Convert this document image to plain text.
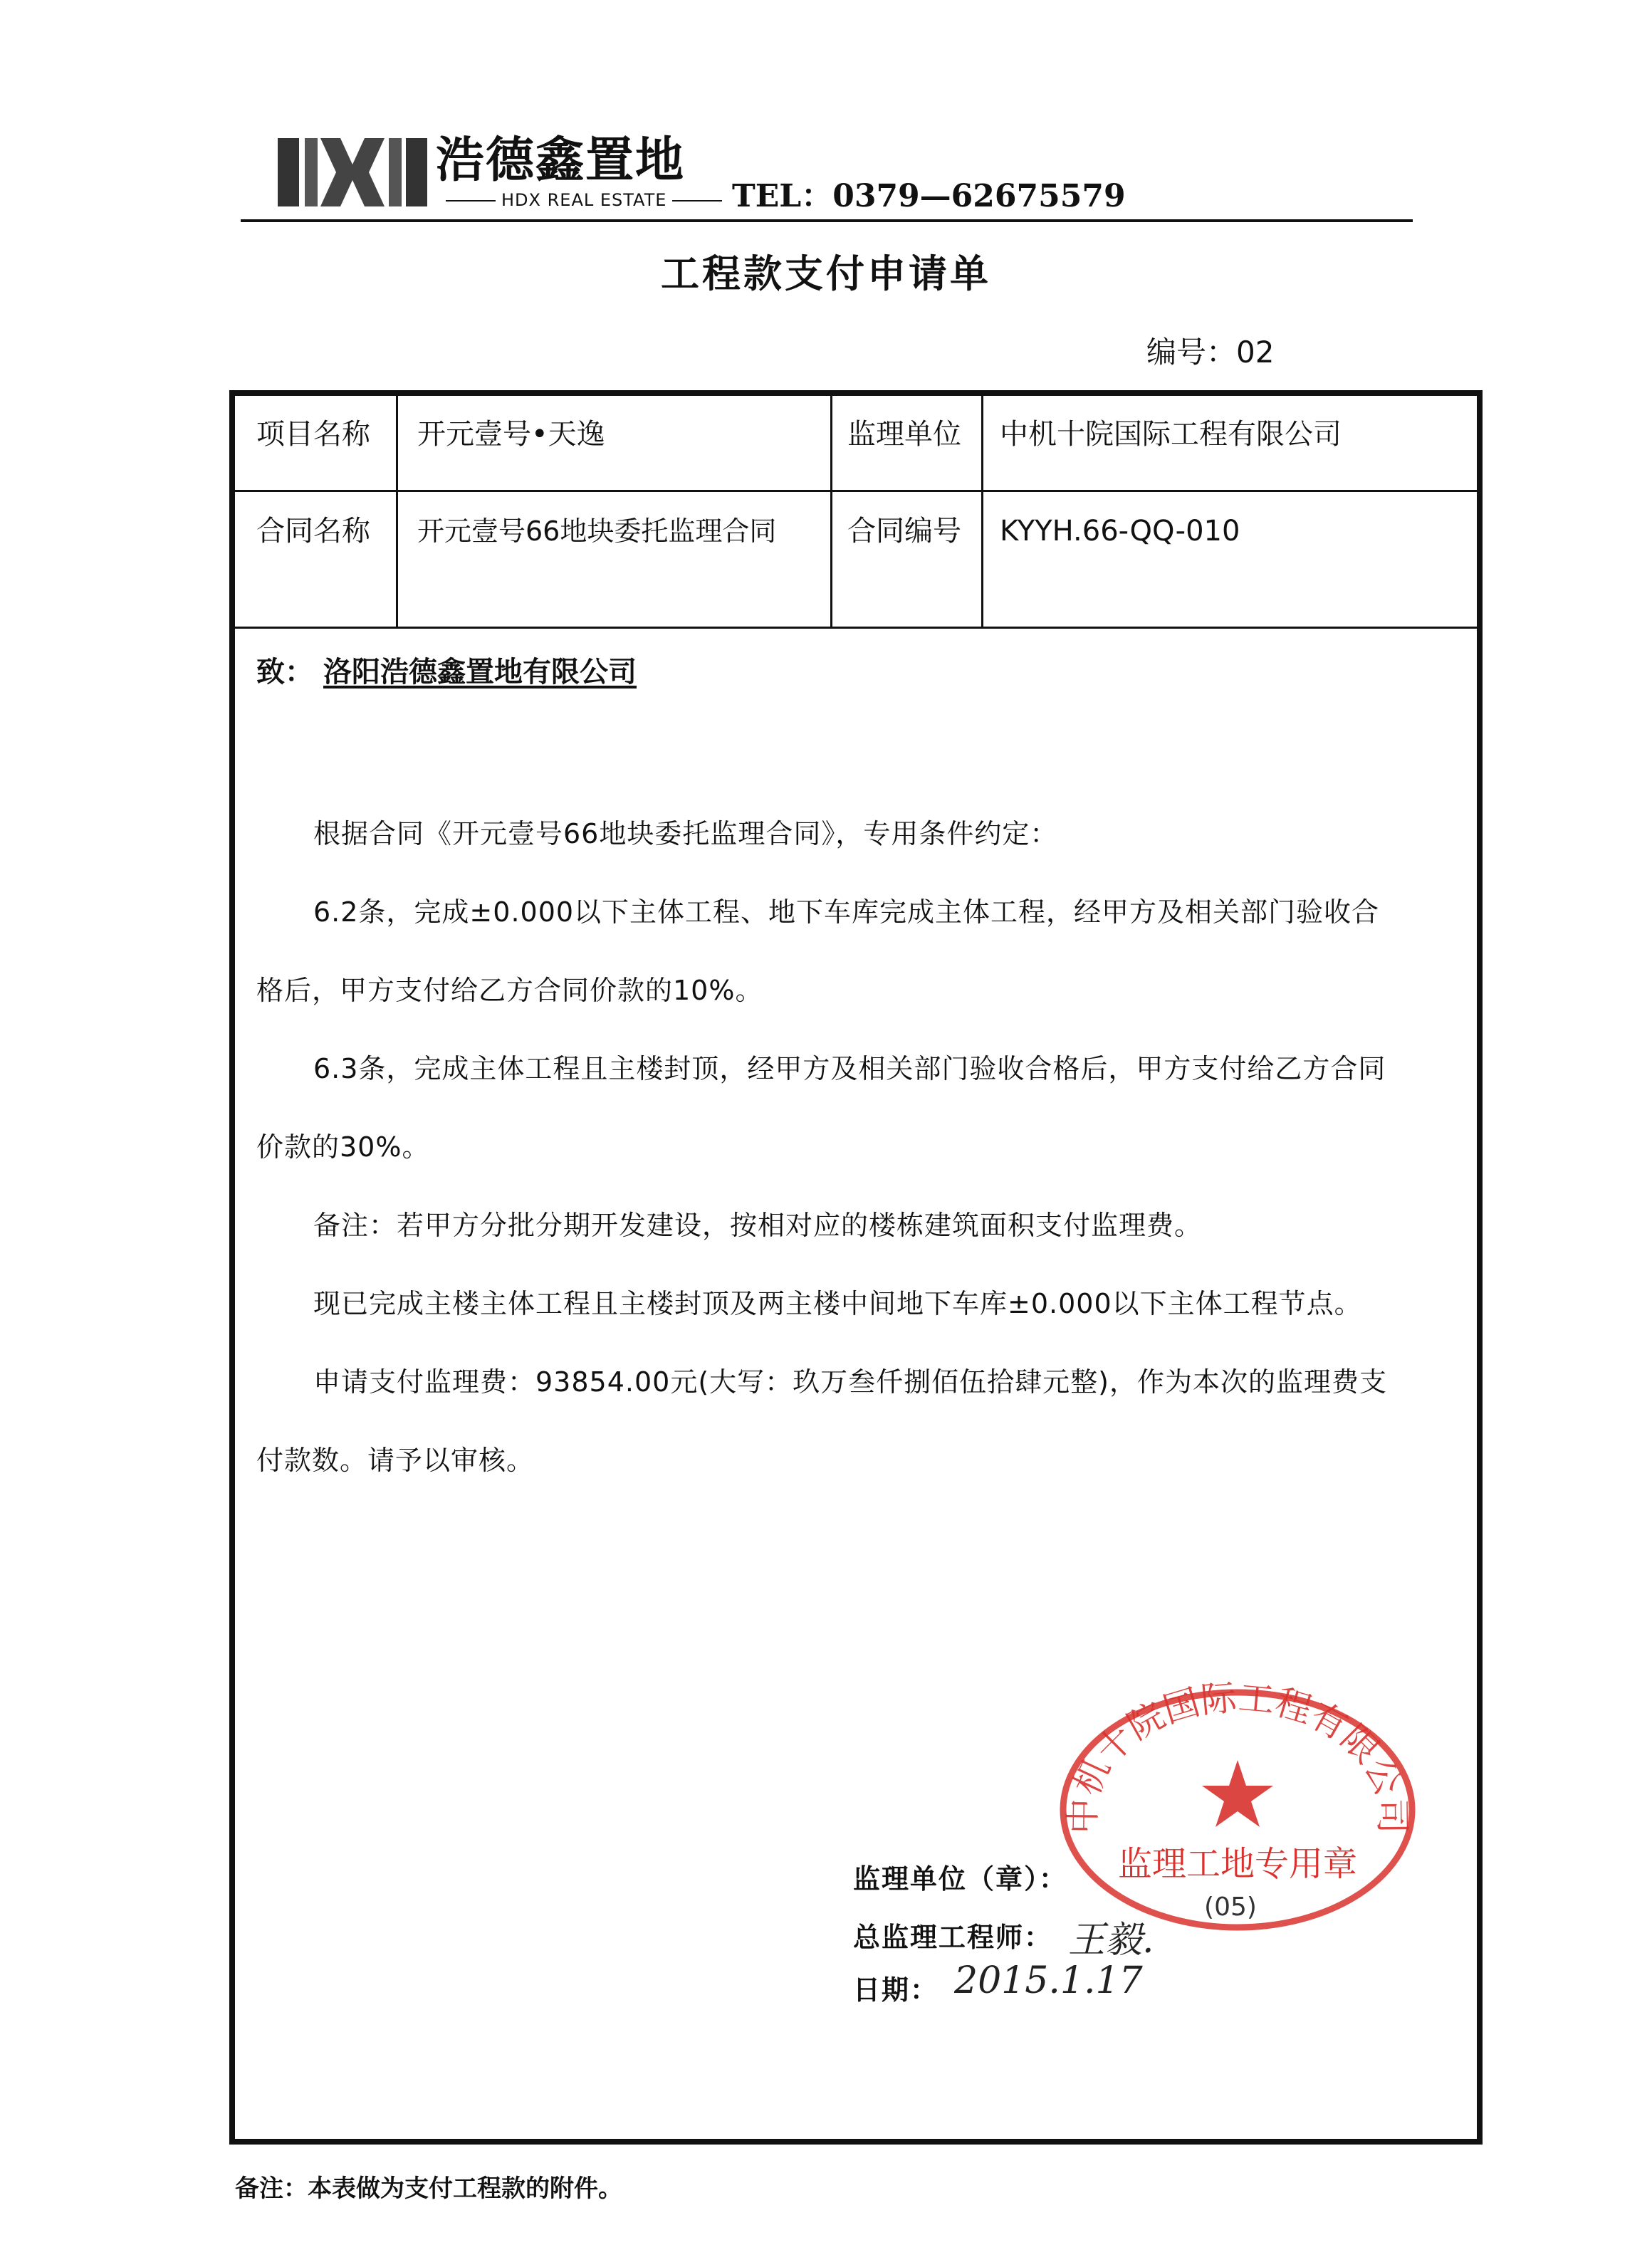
浩德鑫置地
HDX REAL ESTATE	TEL：0379—62675579
工程款支付申请单
编号：02
项目名称 开元壹号•天逸	监理单位 中机十院国际工程有限公司
合同名称 开元壹号66地块委托监理合同 合同编号 KYYH.66-QQ-010
致： 洛阳浩德鑫置地有限公司
根据合同《开元壹号66地块委托监理合同》，专用条件约定：
6.2条，完成±0.000以下主体工程、地下车库完成主体工程，经甲方及相关部门验收合
格后，甲方支付给乙方合同价款的10%。
6.3条，完成主体工程且主楼封顶，经甲方及相关部门验收合格后，甲方支付给乙方合同
价款的30%。
备注：若甲方分批分期开发建设，按相对应的楼栋建筑面积支付监理费。
现已完成主楼主体工程且主楼封顶及两主楼中间地下车库±0.000以下主体工程节点。
申请支付监理费：93854.00元(大写：玖万叁仟捌佰伍拾肆元整)，作为本次的监理费支
付款数。请予以审核。
中机十院国际工程有限公司
监理工地专用章
(05)
监理单位（章）：
总监理工程师： 王毅.
日期： 2015.1.17
备注：本表做为支付工程款的附件。
